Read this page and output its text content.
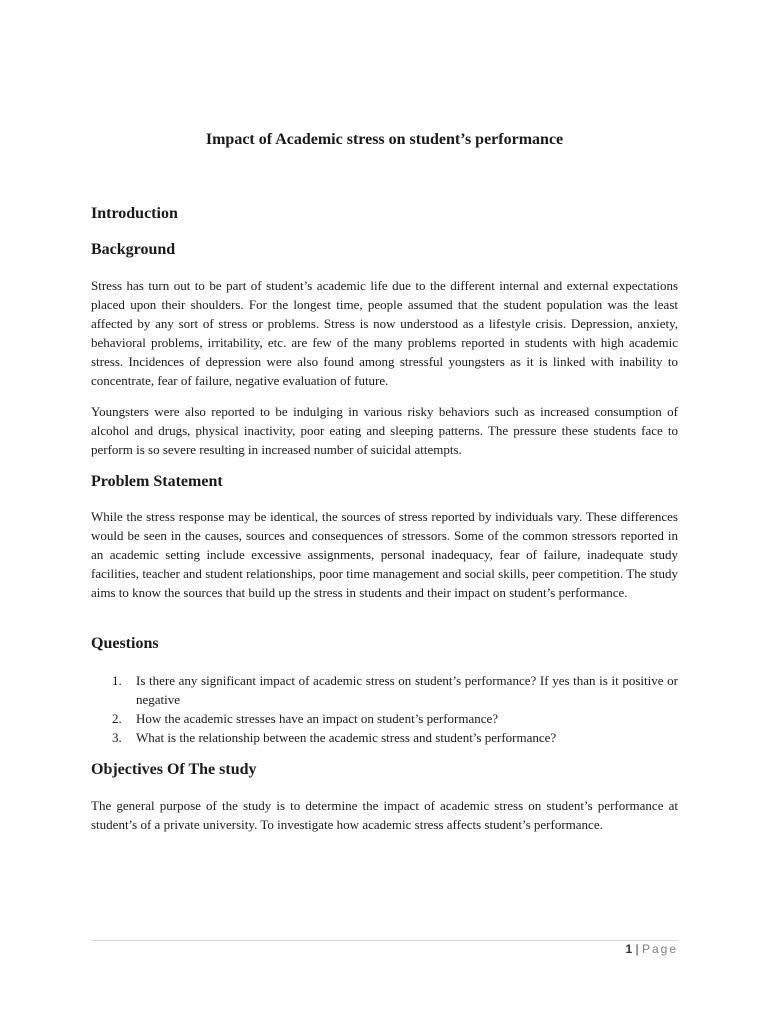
Impact of Academic stress on student’s performance
Introduction
Background

Stress has turn out to be part of student’s academic life due to the different internal and external expectations placed upon their shoulders. For the longest time, people assumed that the student population was the least affected by any sort of stress or problems. Stress is now understood as a lifestyle crisis. Depression, anxiety, behavioral problems, irritability, etc. are few of the many problems reported in students with high academic stress. Incidences of depression were also found among stressful youngsters as it is linked with inability to concentrate, fear of failure, negative evaluation of future.

Youngsters were also reported to be indulging in various risky behaviors such as increased consumption of alcohol and drugs, physical inactivity, poor eating and sleeping patterns. The pressure these students face to perform is so severe resulting in increased number of suicidal attempts.

Problem Statement

While the stress response may be identical, the sources of stress reported by individuals vary. These differences would be seen in the causes, sources and consequences of stressors. Some of the common stressors reported in an academic setting include excessive assignments, personal inadequacy, fear of failure, inadequate study facilities, teacher and student relationships, poor time management and social skills, peer competition. The study aims to know the sources that build up the stress in students and their impact on student’s performance.

Questions
1. Is there any significant impact of academic stress on student’s performance? If yes than is it positive or negative
2. How the academic stresses have an impact on student’s performance?
3. What is the relationship between the academic stress and student’s performance?
Objectives Of The study

The general purpose of the study is to determine the impact of academic stress on student’s performance at student’s of a private university. To investigate how academic stress affects student’s performance.

1 | Page
